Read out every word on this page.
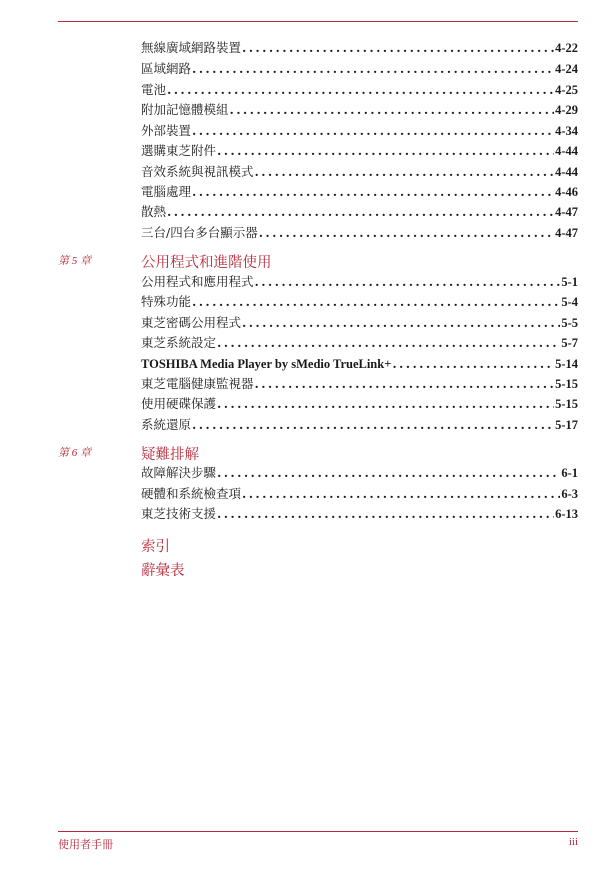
無線廣域網路裝置 . . .	4-22
區域網路 . . .	4-24
電池 . . .	4-25
附加記憶體模組 . . .	4-29
外部裝置 . . .	4-34
選購東芝附件 . . .	4-44
音效系統與視訊模式 . . .	4-44
電腦處理 . . .	4-46
散熱 . . .	4-47
三台/四台多台顯示器 . . .	4-47
第 5 章	公用程式和進階使用
公用程式和應用程式 . . .	5-1
特殊功能 . . .	5-4
東芝密碼公用程式 . . .	5-5
東芝系統設定 . . .	5-7
TOSHIBA Media Player by sMedio TrueLink+ . . .	5-14
東芝電腦健康監視器 . . .	5-15
使用硬碟保護 . . .	5-15
系統還原 . . .	5-17
第 6 章	疑難排解
故障解決步驟 . . .	6-1
硬體和系統檢查項 . . .	6-3
東芝技術支援 . . .	6-13
索引
辭彙表
使用者手冊	iii
